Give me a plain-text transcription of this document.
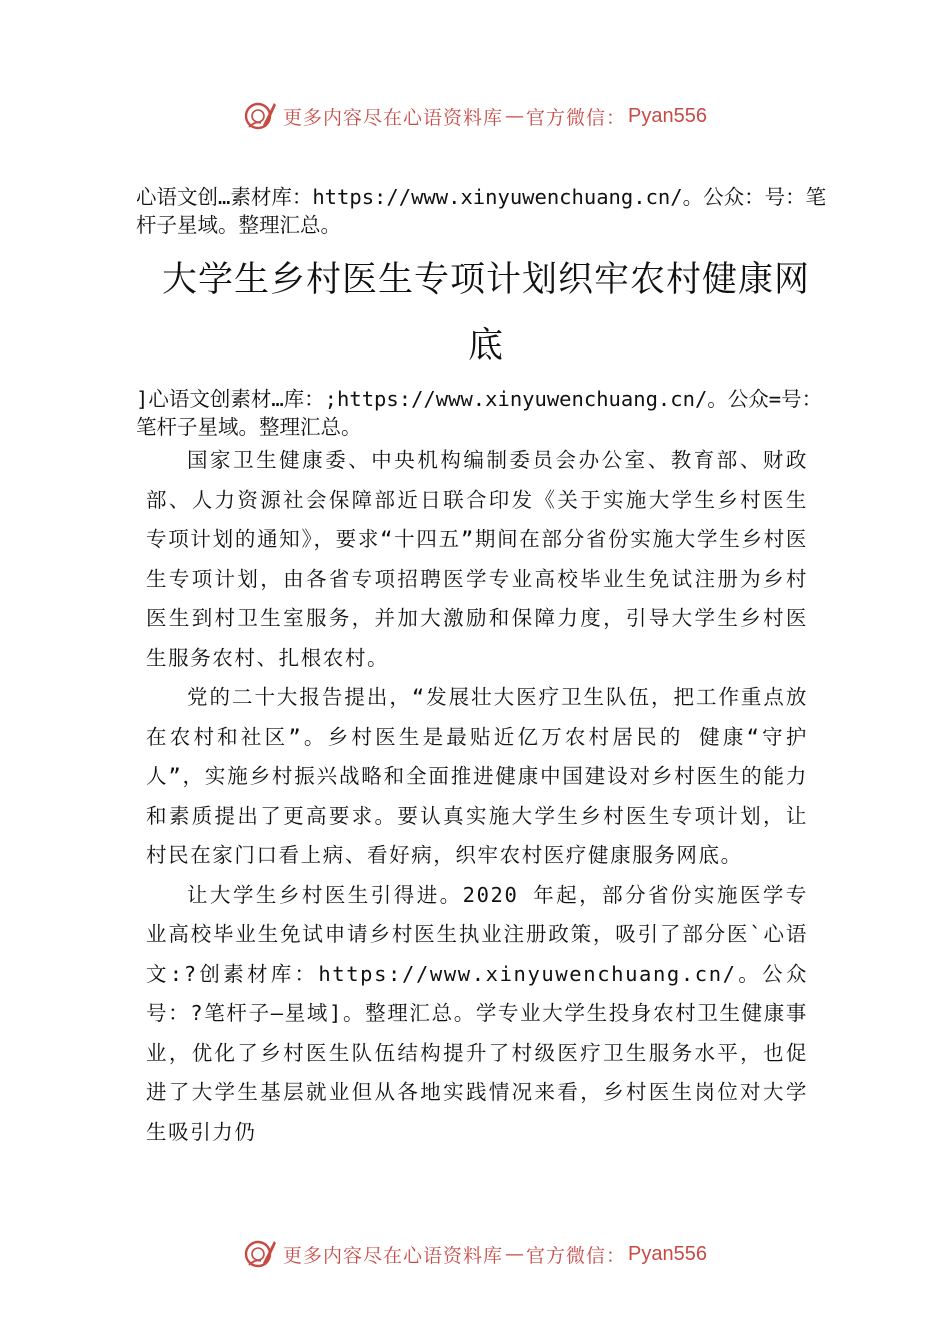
更多内容尽在心语资料库 — 官方微信： Pyan556
心语文创…素材库：https://www.xinyuwenchuang.cn/。公众：号：笔杆子星域。整理汇总。
大学生乡村医生专项计划织牢农村健康网
底
]心语文创素材…库：;https://www.xinyuwenchuang.cn/。公众=号：笔杆子星域。整理汇总。

国家卫生健康委、中央机构编制委员会办公室、教育部、财政部、人力资源社会保障部近日联合印发《关于实施大学生乡村医生专项计划的通知》，要求“十四五”期间在部分省份实施大学生乡村医生专项计划，由各省专项招聘医学专业高校毕业生免试注册为乡村医生到村卫生室服务，并加大激励和保障力度，引导大学生乡村医生服务农村、扎根农村。

党的二十大报告提出，“发展壮大医疗卫生队伍，把工作重点放在农村和社区”。乡村医生是最贴近亿万农村居民的 健康“守护人”，实施乡村振兴战略和全面推进健康中国建设对乡村医生的能力和素质提出了更高要求。要认真实施大学生乡村医生专项计划，让村民在家门口看上病、看好病，织牢农村医疗健康服务网底。

让大学生乡村医生引得进。2020 年起，部分省份实施医学专业高校毕业生免试申请乡村医生执业注册政策，吸引了部分医`心语文:?创素材库：https://www.xinyuwenchuang.cn/。公众号：?笔杆子—星域]。整理汇总。学专业大学生投身农村卫生健康事业，优化了乡村医生队伍结构提升了村级医疗卫生服务水平，也促进了大学生基层就业但从各地实践情况来看，乡村医生岗位对大学生吸引力仍

更多内容尽在心语资料库 — 官方微信： Pyan556
